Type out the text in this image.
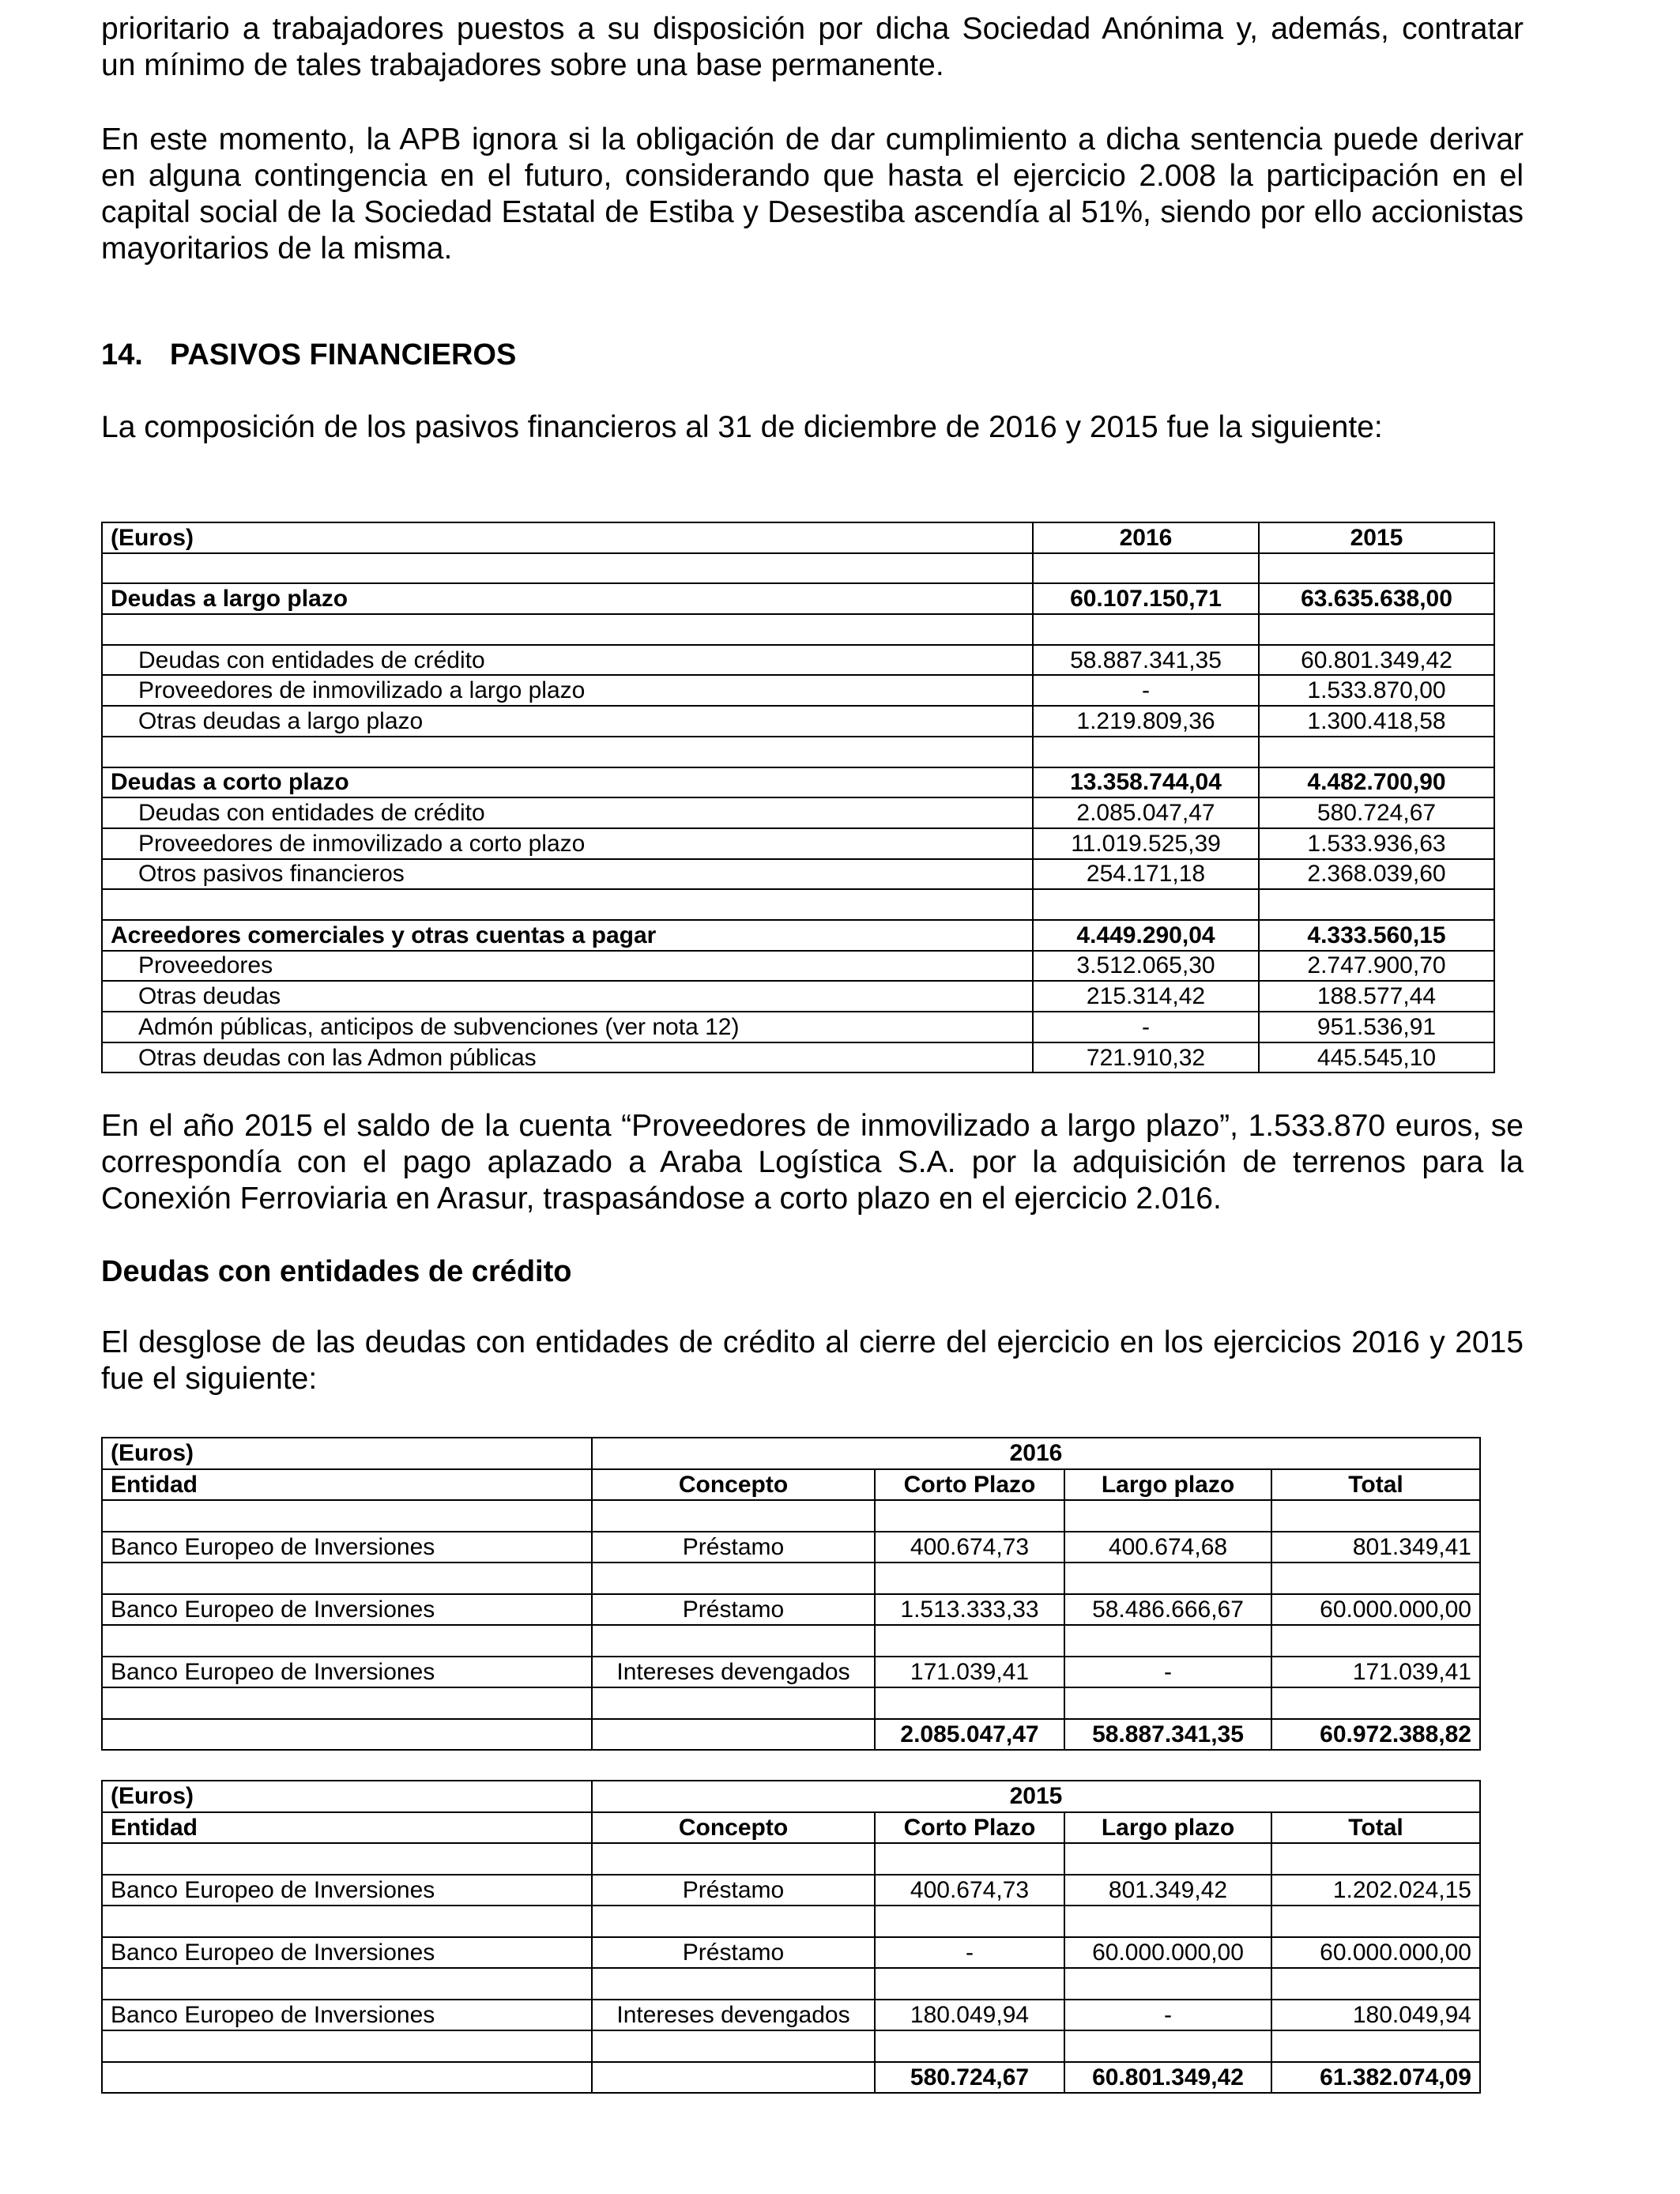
prioritario a trabajadores puestos a su disposición por dicha Sociedad Anónima y, además, contratar
un mínimo de tales trabajadores sobre una base permanente.
En este momento, la APB ignora si la obligación de dar cumplimiento a dicha sentencia puede derivar
en alguna contingencia en el futuro, considerando que hasta el ejercicio 2.008 la participación en el
capital social de la Sociedad Estatal de Estiba y Desestiba ascendía al 51%, siendo por ello accionistas
mayoritarios de la misma.
14. PASIVOS FINANCIEROS
La composición de los pasivos financieros al 31 de diciembre de 2016 y 2015 fue la siguiente:
(Euros)	2016	2015

Deudas a largo plazo	60.107.150,71	63.635.638,00

Deudas con entidades de crédito	58.887.341,35	60.801.349,42
Proveedores de inmovilizado a largo plazo	-	1.533.870,00
Otras deudas a largo plazo	1.219.809,36	1.300.418,58

Deudas a corto plazo	13.358.744,04	4.482.700,90
Deudas con entidades de crédito	2.085.047,47	580.724,67
Proveedores de inmovilizado a corto plazo	11.019.525,39	1.533.936,63
Otros pasivos financieros	254.171,18	2.368.039,60

Acreedores comerciales y otras cuentas a pagar	4.449.290,04	4.333.560,15
Proveedores	3.512.065,30	2.747.900,70
Otras deudas	215.314,42	188.577,44
Admón públicas, anticipos de subvenciones (ver nota 12)	-	951.536,91
Otras deudas con las Admon públicas	721.910,32	445.545,10
En el año 2015 el saldo de la cuenta “Proveedores de inmovilizado a largo plazo”, 1.533.870 euros, se
correspondía con el pago aplazado a Araba Logística S.A. por la adquisición de terrenos para la
Conexión Ferroviaria en Arasur, traspasándose a corto plazo en el ejercicio 2.016.
Deudas con entidades de crédito
El desglose de las deudas con entidades de crédito al cierre del ejercicio en los ejercicios 2016 y 2015
fue el siguiente:
(Euros)	2016			
Entidad	Concepto	Corto Plazo	Largo plazo	Total

Banco Europeo de Inversiones	Préstamo	400.674,73	400.674,68	801.349,41

Banco Europeo de Inversiones	Préstamo	1.513.333,33	58.486.666,67	60.000.000,00

Banco Europeo de Inversiones	Intereses devengados	171.039,41	-	171.039,41

		2.085.047,47	58.887.341,35	60.972.388,82
(Euros)	2015			
Entidad	Concepto	Corto Plazo	Largo plazo	Total

Banco Europeo de Inversiones	Préstamo	400.674,73	801.349,42	1.202.024,15

Banco Europeo de Inversiones	Préstamo	-	60.000.000,00	60.000.000,00

Banco Europeo de Inversiones	Intereses devengados	180.049,94	-	180.049,94

		580.724,67	60.801.349,42	61.382.074,09
